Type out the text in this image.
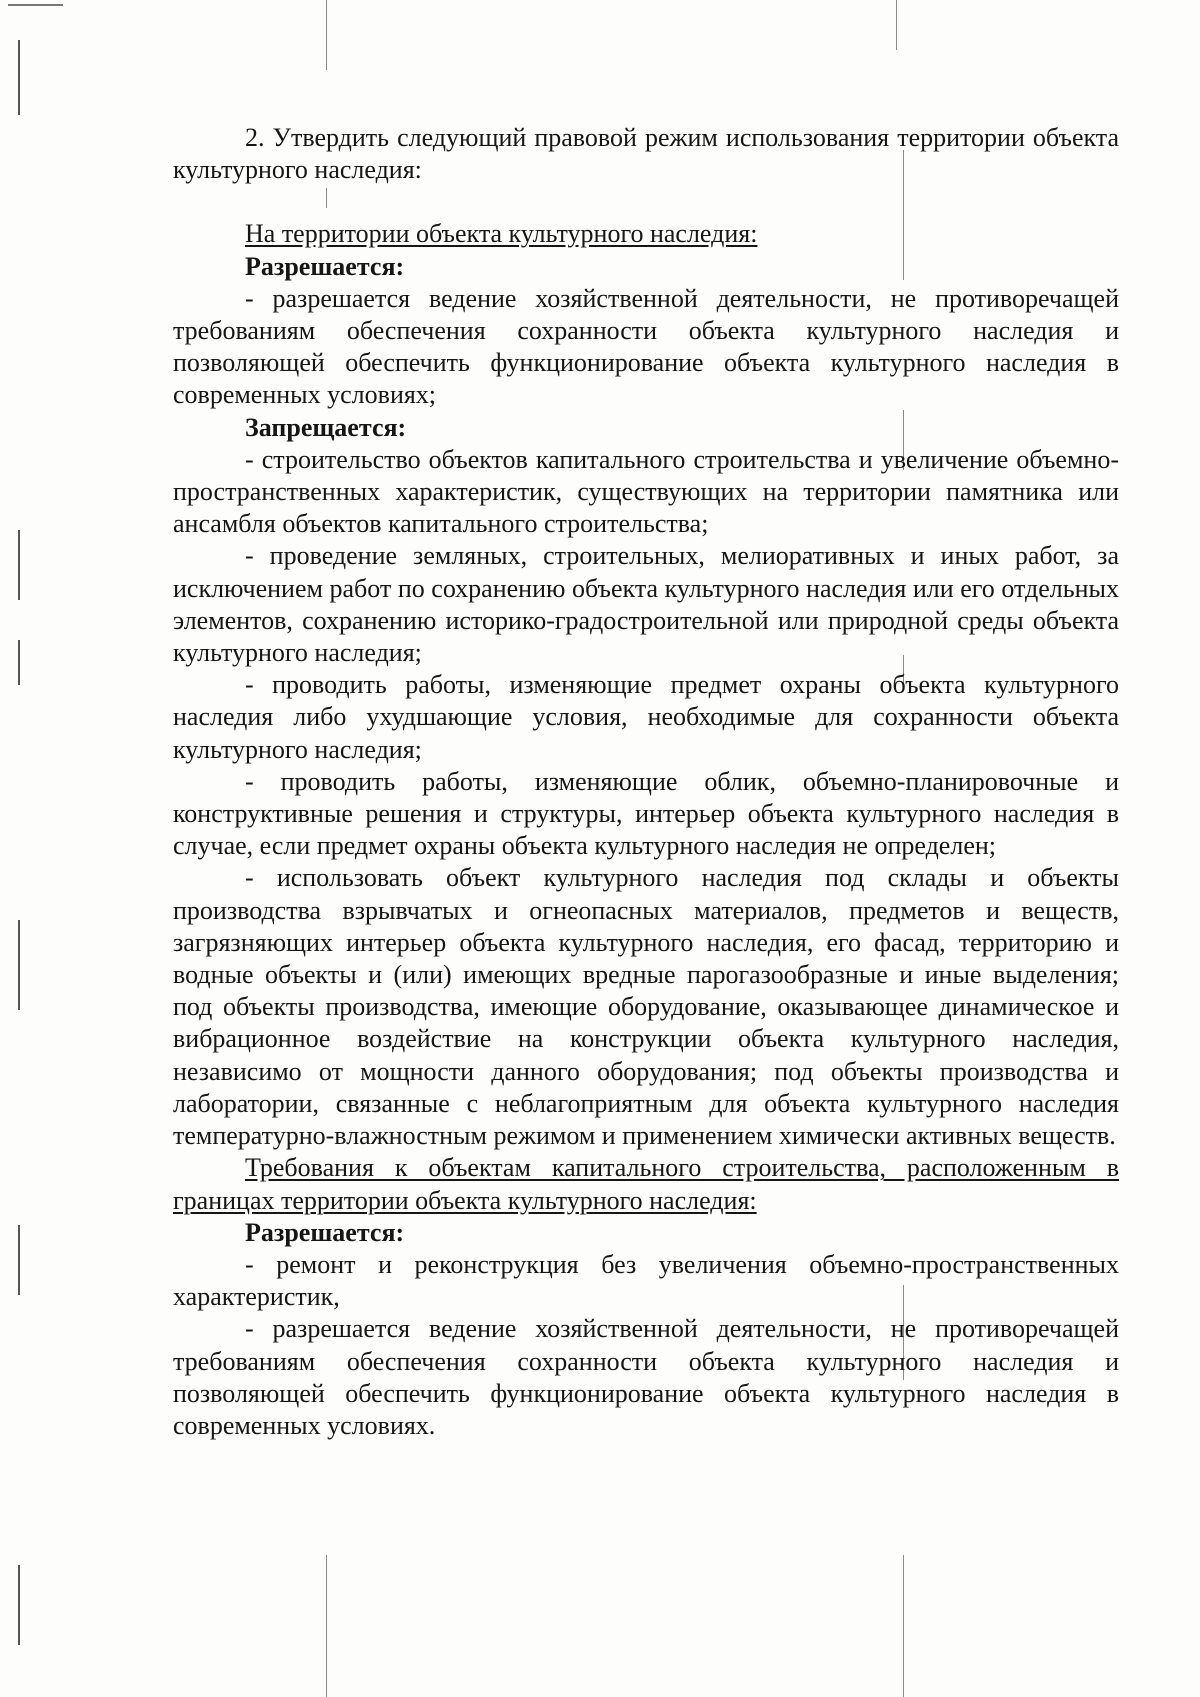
2. Утвердить следующий правовой режим использования территории объекта культурного наследия:

На территории объекта культурного наследия:

Разрешается:

- разрешается ведение хозяйственной деятельности, не противоречащей требованиям обеспечения сохранности объекта культурного наследия и позволяющей обеспечить функционирование объекта культурного наследия в современных условиях;

Запрещается:

- строительство объектов капитального строительства и увеличение объемно-пространственных характеристик, существующих на территории памятника или ансамбля объектов капитального строительства;

- проведение земляных, строительных, мелиоративных и иных работ, за исключением работ по сохранению объекта культурного наследия или его отдельных элементов, сохранению историко-градостроительной или природной среды объекта культурного наследия;

- проводить работы, изменяющие предмет охраны объекта культурного наследия либо ухудшающие условия, необходимые для сохранности объекта культурного наследия;

- проводить работы, изменяющие облик, объемно-планировочные и конструктивные решения и структуры, интерьер объекта культурного наследия в случае, если предмет охраны объекта культурного наследия не определен;

- использовать объект культурного наследия под склады и объекты производства взрывчатых и огнеопасных материалов, предметов и веществ, загрязняющих интерьер объекта культурного наследия, его фасад, территорию и водные объекты и (или) имеющих вредные парогазообразные и иные выделения; под объекты производства, имеющие оборудование, оказывающее динамическое и вибрационное воздействие на конструкции объекта культурного наследия, независимо от мощности данного оборудования; под объекты производства и лаборатории, связанные с неблагоприятным для объекта культурного наследия температурно-влажностным режимом и применением химически активных веществ.

Требования к объектам капитального строительства, расположенным в границах территории объекта культурного наследия:

Разрешается:

- ремонт и реконструкция без увеличения объемно-пространственных характеристик,

- разрешается ведение хозяйственной деятельности, не противоречащей требованиям обеспечения сохранности объекта культурного наследия и позволяющей обеспечить функционирование объекта культурного наследия в современных условиях.
